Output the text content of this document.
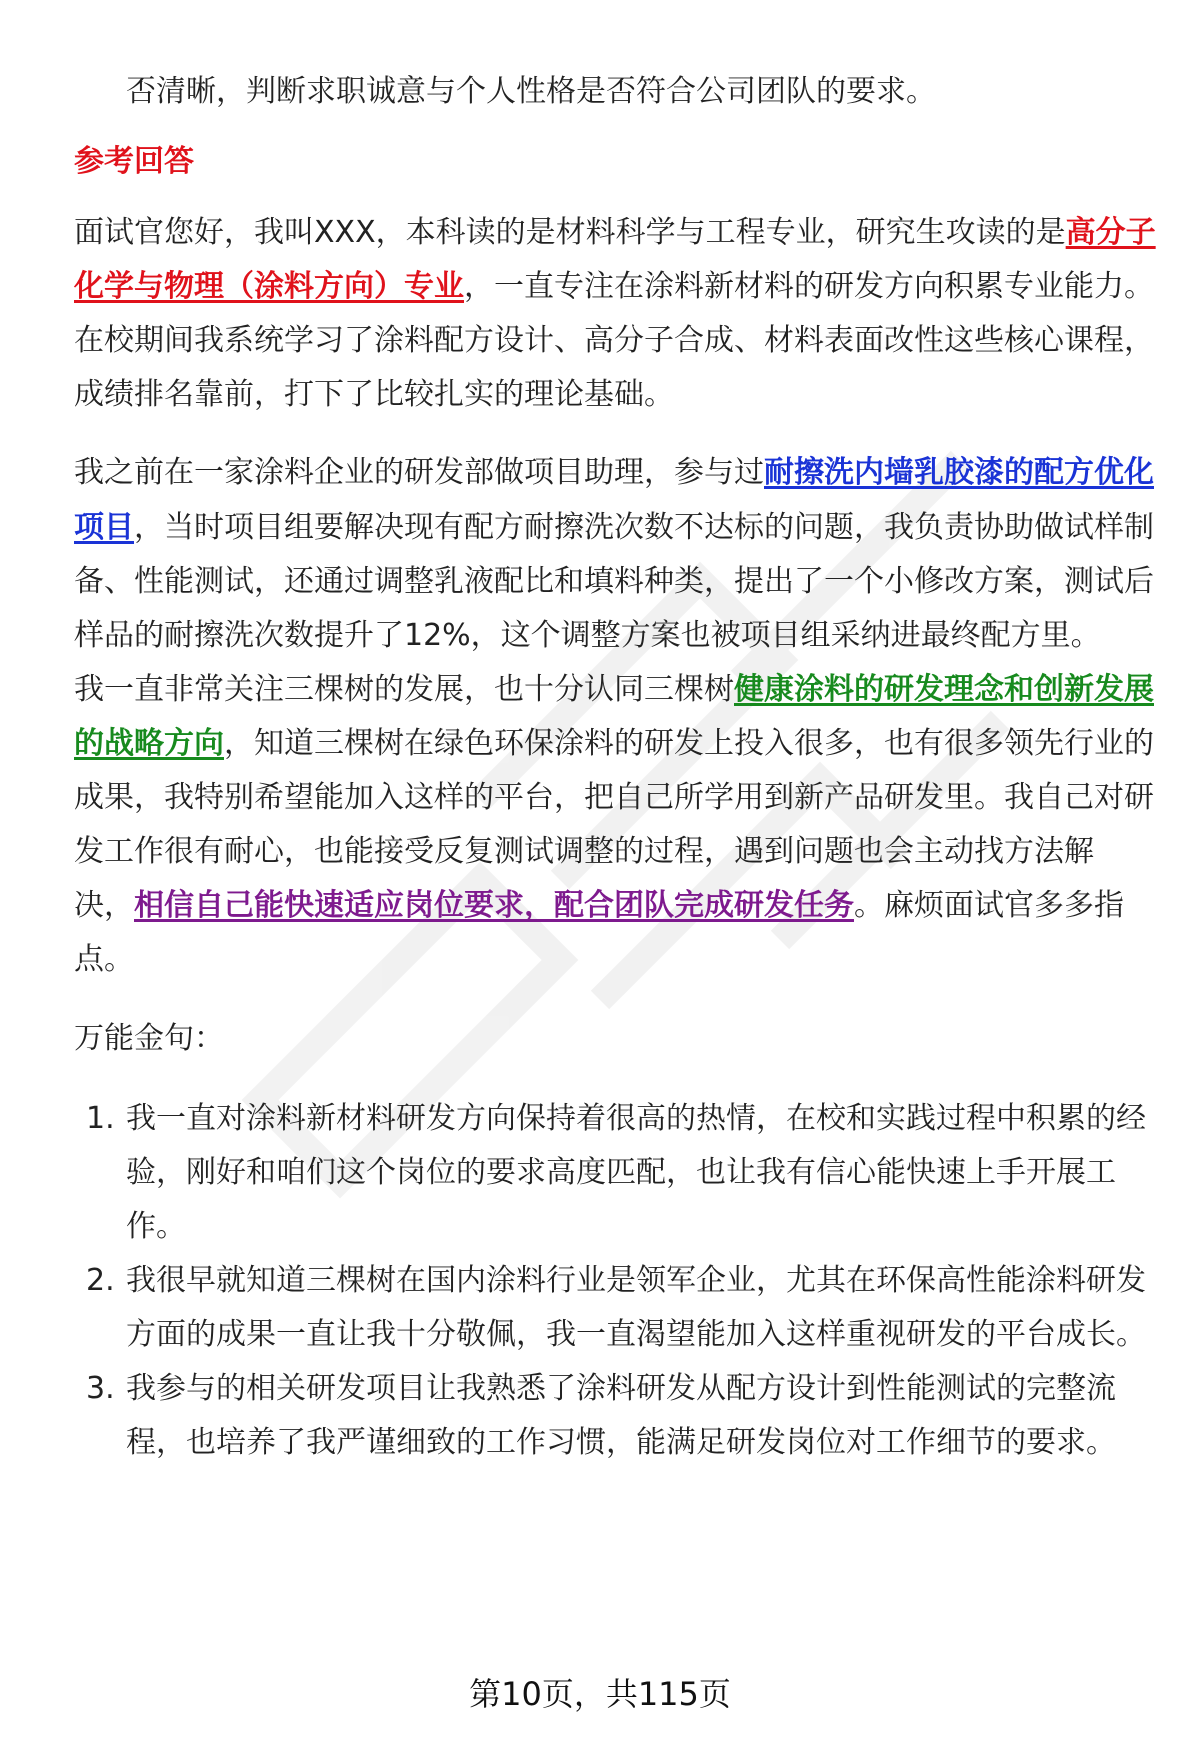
否清晰，判断求职诚意与个人性格是否符合公司团队的要求。
参考回答
面试官您好，我叫XXX，本科读的是材料科学与工程专业，研究生攻读的是高分子
化学与物理（涂料方向）专业，一直专注在涂料新材料的研发方向积累专业能力。
在校期间我系统学习了涂料配方设计、高分子合成、材料表面改性这些核心课程，
成绩排名靠前，打下了比较扎实的理论基础。
我之前在一家涂料企业的研发部做项目助理，参与过耐擦洗内墙乳胶漆的配方优化
项目，当时项目组要解决现有配方耐擦洗次数不达标的问题，我负责协助做试样制
备、性能测试，还通过调整乳液配比和填料种类，提出了一个小修改方案，测试后
样品的耐擦洗次数提升了12%，这个调整方案也被项目组采纳进最终配方里。
我一直非常关注三棵树的发展，也十分认同三棵树健康涂料的研发理念和创新发展
的战略方向，知道三棵树在绿色环保涂料的研发上投入很多，也有很多领先行业的
成果，我特别希望能加入这样的平台，把自己所学用到新产品研发里。我自己对研
发工作很有耐心，也能接受反复测试调整的过程，遇到问题也会主动找方法解
决，相信自己能快速适应岗位要求，配合团队完成研发任务。麻烦面试官多多指
点。
万能金句：
1. 我一直对涂料新材料研发方向保持着很高的热情，在校和实践过程中积累的经
验，刚好和咱们这个岗位的要求高度匹配，也让我有信心能快速上手开展工
作。
2. 我很早就知道三棵树在国内涂料行业是领军企业，尤其在环保高性能涂料研发
方面的成果一直让我十分敬佩，我一直渴望能加入这样重视研发的平台成长。
3. 我参与的相关研发项目让我熟悉了涂料研发从配方设计到性能测试的完整流
程，也培养了我严谨细致的工作习惯，能满足研发岗位对工作细节的要求。
第10页，共115页
